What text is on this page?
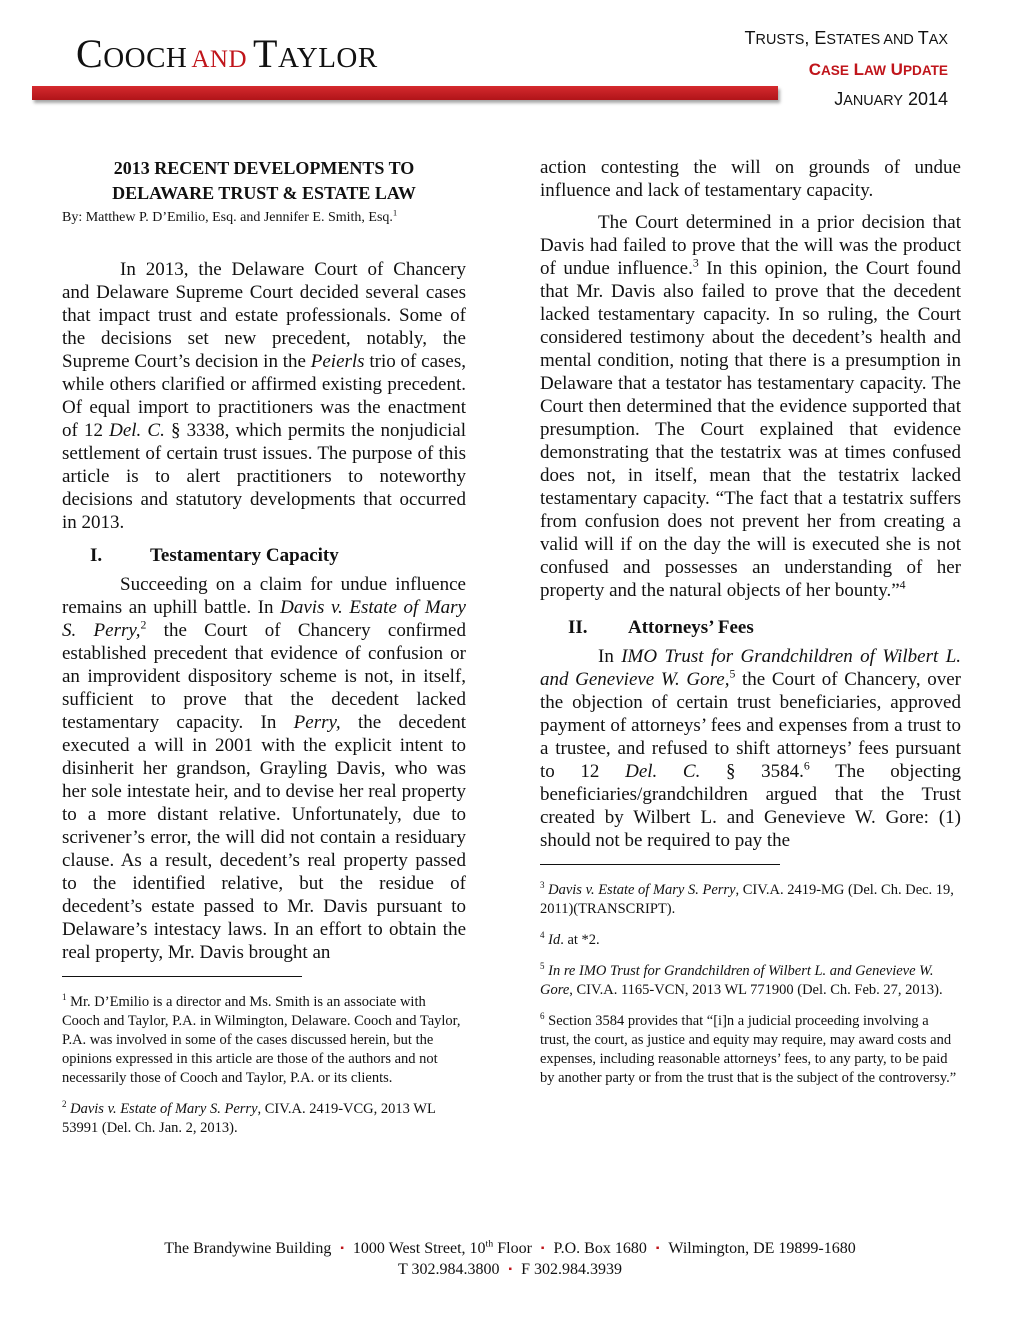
COOCH AND TAYLOR
TRUSTS, ESTATES AND TAX
CASE LAW UPDATE
JANUARY 2014
2013 RECENT DEVELOPMENTS TO
DELAWARE TRUST & ESTATE LAW
By: Matthew P. D’Emilio, Esq. and Jennifer E. Smith, Esq.$^1$

In 2013, the Delaware Court of Chancery and Delaware Supreme Court decided several cases that impact trust and estate professionals. Some of the decisions set new precedent, notably, the Supreme Court’s decision in the Peierls trio of cases, while others clarified or affirmed existing precedent. Of equal import to practitioners was the enactment of 12 Del. C. § 3338, which permits the nonjudicial settlement of certain trust issues. The purpose of this article is to alert practitioners to noteworthy decisions and statutory developments that occurred in 2013.

I.	Testamentary Capacity

Succeeding on a claim for undue influence remains an uphill battle. In Davis v. Estate of Mary S. Perry,$^2$ the Court of Chancery confirmed established precedent that evidence of confusion or an improvident dispository scheme is not, in itself, sufficient to prove that the decedent lacked testamentary capacity. In Perry, the decedent executed a will in 2001 with the explicit intent to disinherit her grandson, Grayling Davis, who was her sole intestate heir, and to devise her real property to a more distant relative. Unfortunately, due to scrivener’s error, the will did not contain a residuary clause. As a result, decedent’s real property passed to the identified relative, but the residue of decedent’s estate passed to Mr. Davis pursuant to Delaware’s intestacy laws. In an effort to obtain the real property, Mr. Davis brought an

$^1$ Mr. D’Emilio is a director and Ms. Smith is an associate with Cooch and Taylor, P.A. in Wilmington, Delaware. Cooch and Taylor, P.A. was involved in some of the cases discussed herein, but the opinions expressed in this article are those of the authors and not necessarily those of Cooch and Taylor, P.A. or its clients.
$^2$ Davis v. Estate of Mary S. Perry, CIV.A. 2419-VCG, 2013 WL 53991 (Del. Ch. Jan. 2, 2013).

action contesting the will on grounds of undue influence and lack of testamentary capacity.

The Court determined in a prior decision that Davis had failed to prove that the will was the product of undue influence.$^3$ In this opinion, the Court found that Mr. Davis also failed to prove that the decedent lacked testamentary capacity. In so ruling, the Court considered testimony about the decedent’s health and mental condition, noting that there is a presumption in Delaware that a testator has testamentary capacity. The Court then determined that the evidence supported that presumption. The Court explained that evidence demonstrating that the testatrix was at times confused does not, in itself, mean that the testatrix lacked testamentary capacity. “The fact that a testatrix suffers from confusion does not prevent her from creating a valid will if on the day the will is executed she is not confused and possesses an understanding of her property and the natural objects of her bounty.”$^4$

II. Attorneys’ Fees

In IMO Trust for Grandchildren of Wilbert L. and Genevieve W. Gore,$^5$ the Court of Chancery, over the objection of certain trust beneficiaries, approved payment of attorneys’ fees and expenses from a trust to a trustee, and refused to shift attorneys’ fees pursuant to 12 Del. C. § 3584.$^6$ The objecting beneficiaries/grandchildren argued that the Trust created by Wilbert L. and Genevieve W. Gore: (1) should not be required to pay the

$^3$ Davis v. Estate of Mary S. Perry, CIV.A. 2419-MG (Del. Ch. Dec. 19, 2011)(TRANSCRIPT).
$^4$ Id. at *2.
$^5$ In re IMO Trust for Grandchildren of Wilbert L. and Genevieve W. Gore, CIV.A. 1165-VCN, 2013 WL 771900 (Del. Ch. Feb. 27, 2013).
$^6$ Section 3584 provides that “[i]n a judicial proceeding involving a trust, the court, as justice and equity may require, may award costs and expenses, including reasonable attorneys’ fees, to any party, to be paid by another party or from the trust that is the subject of the controversy.”
The Brandywine Building ▪ 1000 West Street, 10th Floor ▪ P.O. Box 1680 ▪ Wilmington, DE 19899-1680
T 302.984.3800 ▪ F 302.984.3939
